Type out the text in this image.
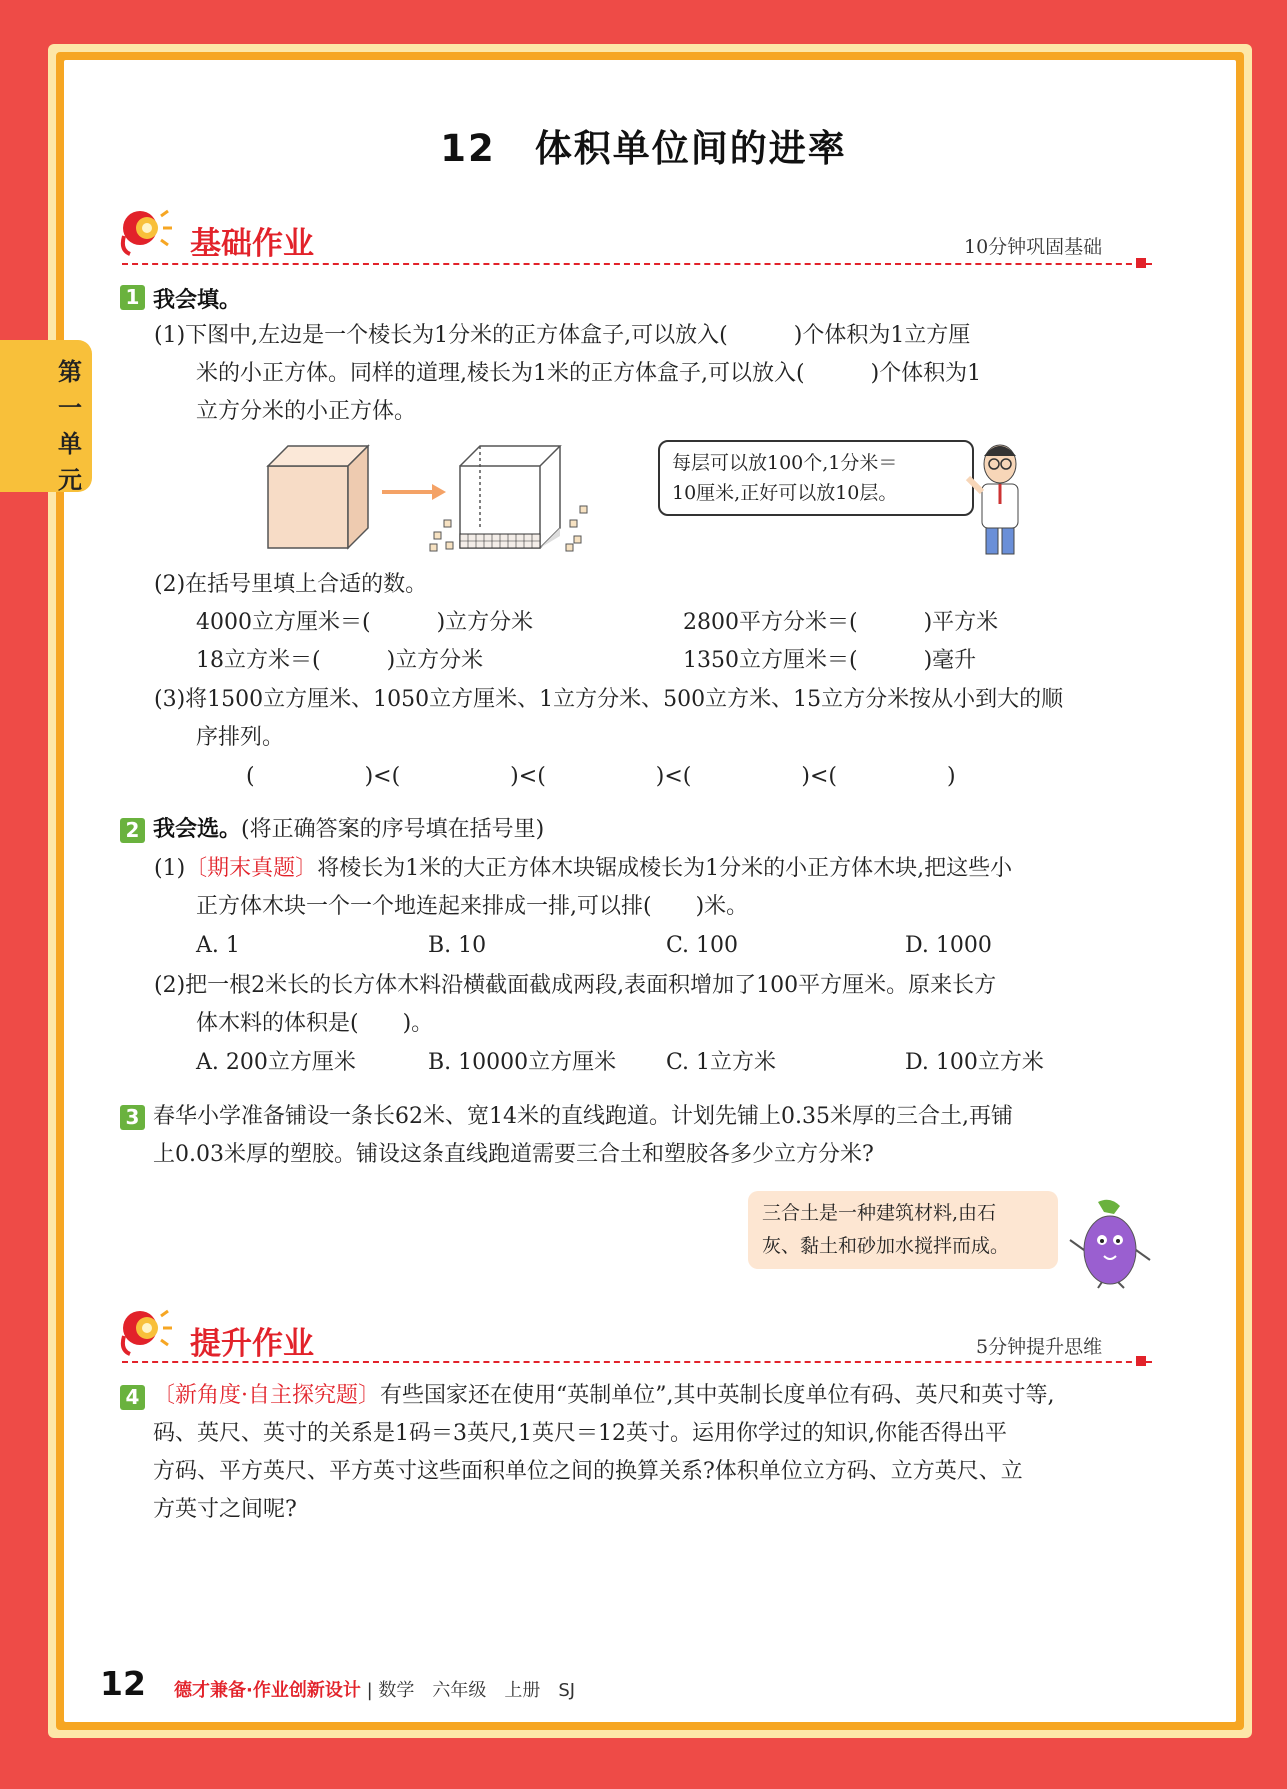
第一单元
12　体积单位间的进率
基础作业	10分钟巩固基础
1 我会填。
(1)下图中,左边是一个棱长为1分米的正方体盒子,可以放入(　　　)个体积为1立方厘
米的小正方体。同样的道理,棱长为1米的正方体盒子,可以放入(　　　)个体积为1
立方分米的小正方体。
每层可以放100个,1分米＝
10厘米,正好可以放10层。
(2)在括号里填上合适的数。
4000立方厘米＝(　　　)立方分米	2800平方分米＝(　　　)平方米
18立方米＝(　　　)立方分米	1350立方厘米＝(　　　)毫升
(3)将1500立方厘米、1050立方厘米、1立方分米、500立方米、15立方分米按从小到大的顺
序排列。
(　　　　　)<(　　　　　)<(　　　　　)<(　　　　　)<(　　　　　)
2 我会选。(将正确答案的序号填在括号里)
(1)〔期末真题〕将棱长为1米的大正方体木块锯成棱长为1分米的小正方体木块,把这些小
正方体木块一个一个地连起来排成一排,可以排(　　)米。
A. 1	B. 10	C. 100	D. 1000
(2)把一根2米长的长方体木料沿横截面截成两段,表面积增加了100平方厘米。原来长方
体木料的体积是(　　)。
A. 200立方厘米	B. 10000立方厘米 C. 1立方米	D. 100立方米
3 春华小学准备铺设一条长62米、宽14米的直线跑道。计划先铺上0.35米厚的三合土,再铺
上0.03米厚的塑胶。铺设这条直线跑道需要三合土和塑胶各多少立方分米?
三合土是一种建筑材料,由石
灰、黏土和砂加水搅拌而成。
提升作业	5分钟提升思维
4 〔新角度·自主探究题〕有些国家还在使用“英制单位”,其中英制长度单位有码、英尺和英寸等,
码、英尺、英寸的关系是1码＝3英尺,1英尺＝12英寸。运用你学过的知识,你能否得出平
方码、平方英尺、平方英寸这些面积单位之间的换算关系?体积单位立方码、立方英尺、立
方英寸之间呢?
12 德才兼备·作业创新设计 | 数学　六年级　上册　SJ
